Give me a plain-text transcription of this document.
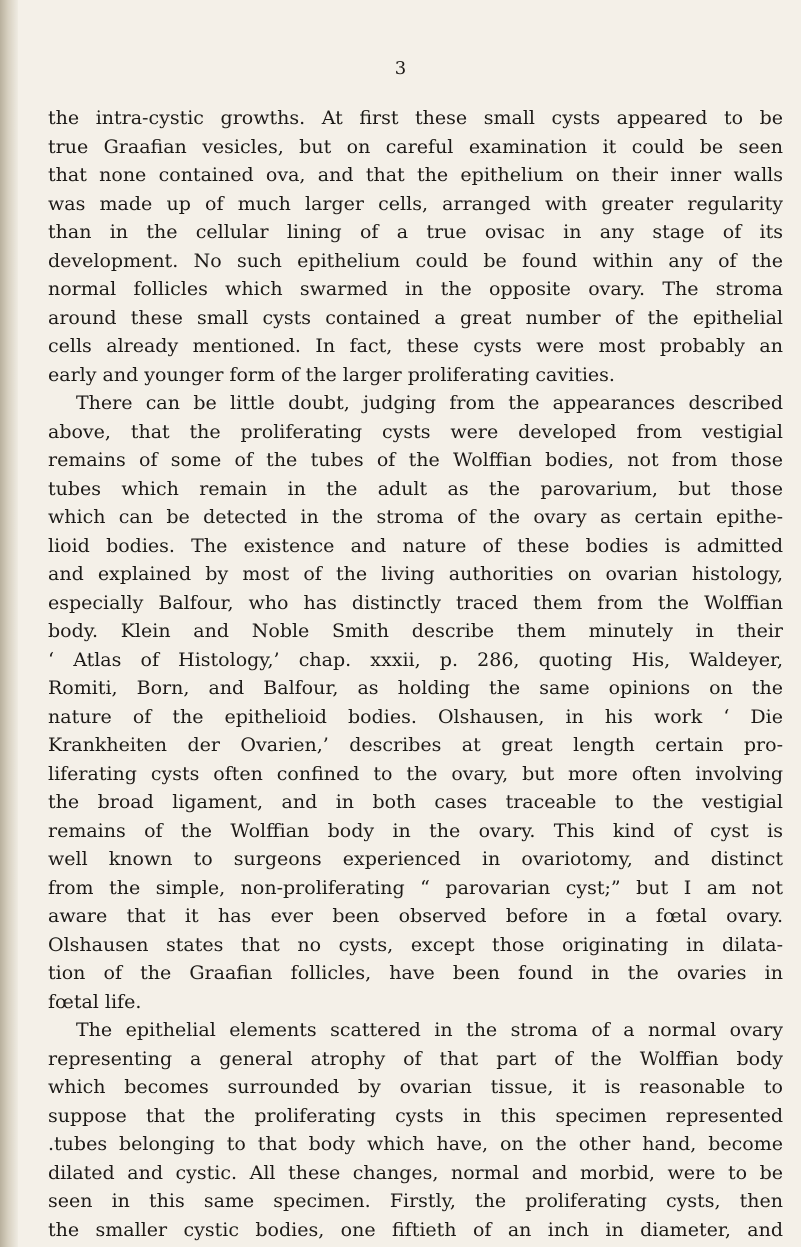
3
the intra-cystic growths. At first these small cysts appeared to be
true Graafian vesicles, but on careful examination it could be seen
that none contained ova, and that the epithelium on their inner walls
was made up of much larger cells, arranged with greater regularity
than in the cellular lining of a true ovisac in any stage of its
development. No such epithelium could be found within any of the
normal follicles which swarmed in the opposite ovary. The stroma
around these small cysts contained a great number of the epithelial
cells already mentioned. In fact, these cysts were most probably an
early and younger form of the larger proliferating cavities.
There can be little doubt, judging from the appearances described
above, that the proliferating cysts were developed from vestigial
remains of some of the tubes of the Wolffian bodies, not from those
tubes which remain in the adult as the parovarium, but those
which can be detected in the stroma of the ovary as certain epithe-
lioid bodies. The existence and nature of these bodies is admitted
and explained by most of the living authorities on ovarian histology,
especially Balfour, who has distinctly traced them from the Wolffian
body. Klein and Noble Smith describe them minutely in their
‘ Atlas of Histology,’ chap. xxxii, p. 286, quoting His, Waldeyer,
Romiti, Born, and Balfour, as holding the same opinions on the
nature of the epithelioid bodies. Olshausen, in his work ‘ Die
Krankheiten der Ovarien,’ describes at great length certain pro-
liferating cysts often confined to the ovary, but more often involving
the broad ligament, and in both cases traceable to the vestigial
remains of the Wolffian body in the ovary. This kind of cyst is
well known to surgeons experienced in ovariotomy, and distinct
from the simple, non-proliferating “ parovarian cyst;” but I am not
aware that it has ever been observed before in a fœtal ovary.
Olshausen states that no cysts, except those originating in dilata-
tion of the Graafian follicles, have been found in the ovaries in
fœtal life.
The epithelial elements scattered in the stroma of a normal ovary
representing a general atrophy of that part of the Wolffian body
which becomes surrounded by ovarian tissue, it is reasonable to
suppose that the proliferating cysts in this specimen represented
.tubes belonging to that body which have, on the other hand, become
dilated and cystic. All these changes, normal and morbid, were to be
seen in this same specimen. Firstly, the proliferating cysts, then
the smaller cystic bodies, one fiftieth of an inch in diameter, and
